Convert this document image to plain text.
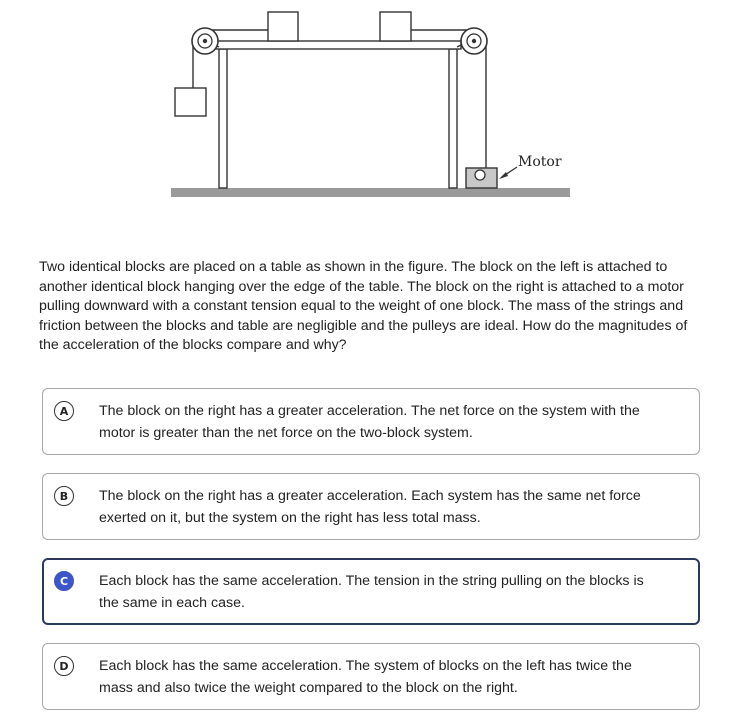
Motor

Two identical blocks are placed on a table as shown in the figure. The block on the left is attached to another identical block hanging over the edge of the table. The block on the right is attached to a motor pulling downward with a constant tension equal to the weight of one block. The mass of the strings and friction between the blocks and table are negligible and the pulleys are ideal. How do the magnitudes of the acceleration of the blocks compare and why?

A	The block on the right has a greater acceleration. The net force on the system with the motor is greater than the net force on the two-block system.
B	The block on the right has a greater acceleration. Each system has the same net force exerted on it, but the system on the right has less total mass.
C	Each block has the same acceleration. The tension in the string pulling on the blocks is the same in each case.
D	Each block has the same acceleration. The system of blocks on the left has twice the mass and also twice the weight compared to the block on the right.
